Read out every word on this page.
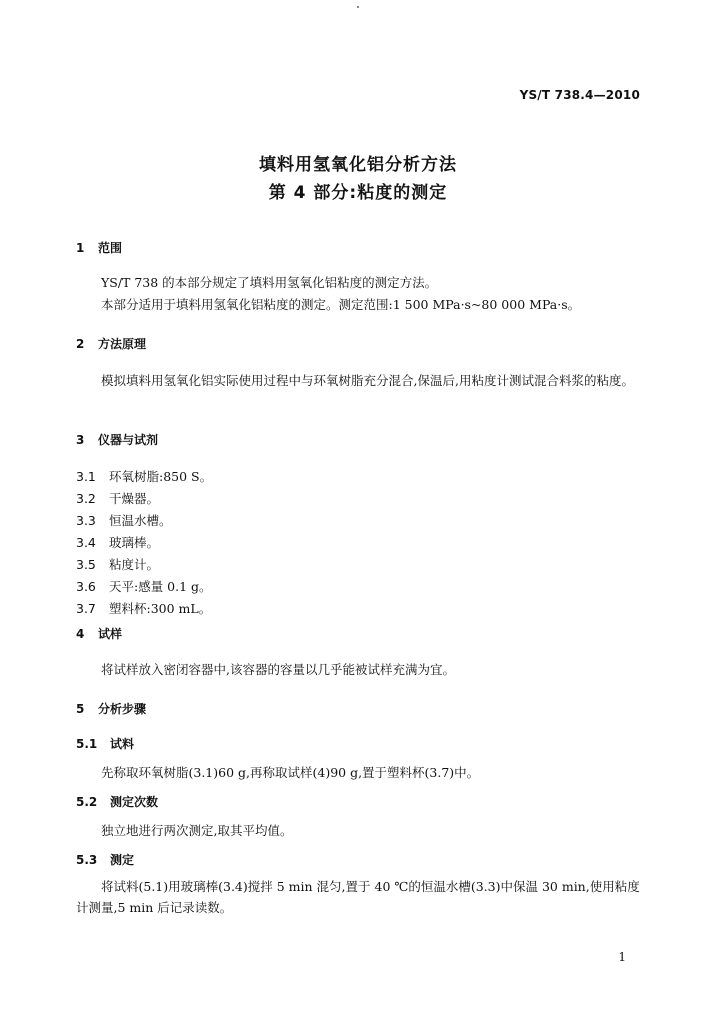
YS/T 738.4—2010
填料用氢氧化铝分析方法
第 4 部分:粘度的测定
1 范围
YS/T 738 的本部分规定了填料用氢氧化铝粘度的测定方法。
本部分适用于填料用氢氧化铝粘度的测定。测定范围:1 500 MPa·s~80 000 MPa·s。
2 方法原理
模拟填料用氢氧化铝实际使用过程中与环氧树脂充分混合,保温后,用粘度计测试混合料浆的粘度。
3 仪器与试剂
3.1 环氧树脂:850 S。
3.2 干燥器。
3.3 恒温水槽。
3.4 玻璃棒。
3.5 粘度计。
3.6 天平:感量 0.1 g。
3.7 塑料杯:300 mL。
4 试样
将试样放入密闭容器中,该容器的容量以几乎能被试样充满为宜。
5 分析步骤
5.1 试料
先称取环氧树脂(3.1)60 g,再称取试样(4)90 g,置于塑料杯(3.7)中。
5.2 测定次数
独立地进行两次测定,取其平均值。
5.3 测定
将试料(5.1)用玻璃棒(3.4)搅拌 5 min 混匀,置于 40 ℃的恒温水槽(3.3)中保温 30 min,使用粘度计测量,5 min 后记录读数。
1
